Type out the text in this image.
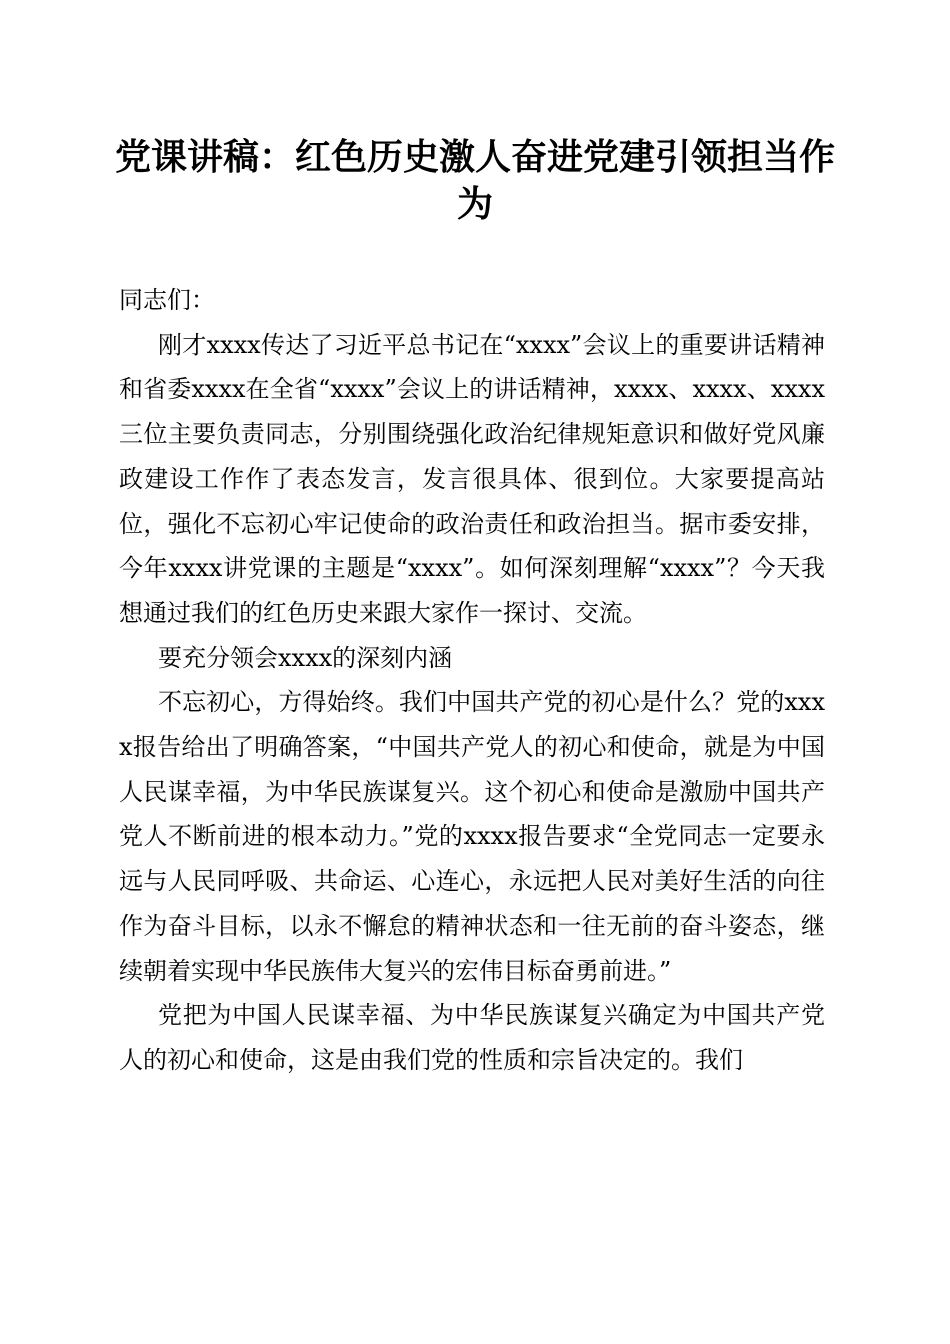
党课讲稿：红色历史激人奋进党建引领担当作为

同志们：

刚才xxxx传达了习近平总书记在“xxxx”会议上的重要讲话精神和省委xxxx在全省“xxxx”会议上的讲话精神，xxxx、xxxx、xxxx三位主要负责同志，分别围绕强化政治纪律规矩意识和做好党风廉政建设工作作了表态发言，发言很具体、很到位。大家要提高站位，强化不忘初心牢记使命的政治责任和政治担当。据市委安排，今年xxxx讲党课的主题是“xxxx”。如何深刻理解“xxxx”？今天我想通过我们的红色历史来跟大家作一探讨、交流。

要充分领会xxxx的深刻内涵

不忘初心，方得始终。我们中国共产党的初心是什么？党的xxxx报告给出了明确答案，“中国共产党人的初心和使命，就是为中国人民谋幸福，为中华民族谋复兴。这个初心和使命是激励中国共产党人不断前进的根本动力。”党的xxxx报告要求“全党同志一定要永远与人民同呼吸、共命运、心连心，永远把人民对美好生活的向往作为奋斗目标，以永不懈怠的精神状态和一往无前的奋斗姿态，继续朝着实现中华民族伟大复兴的宏伟目标奋勇前进。”

党把为中国人民谋幸福、为中华民族谋复兴确定为中国共产党人的初心和使命，这是由我们党的性质和宗旨决定的。我们
